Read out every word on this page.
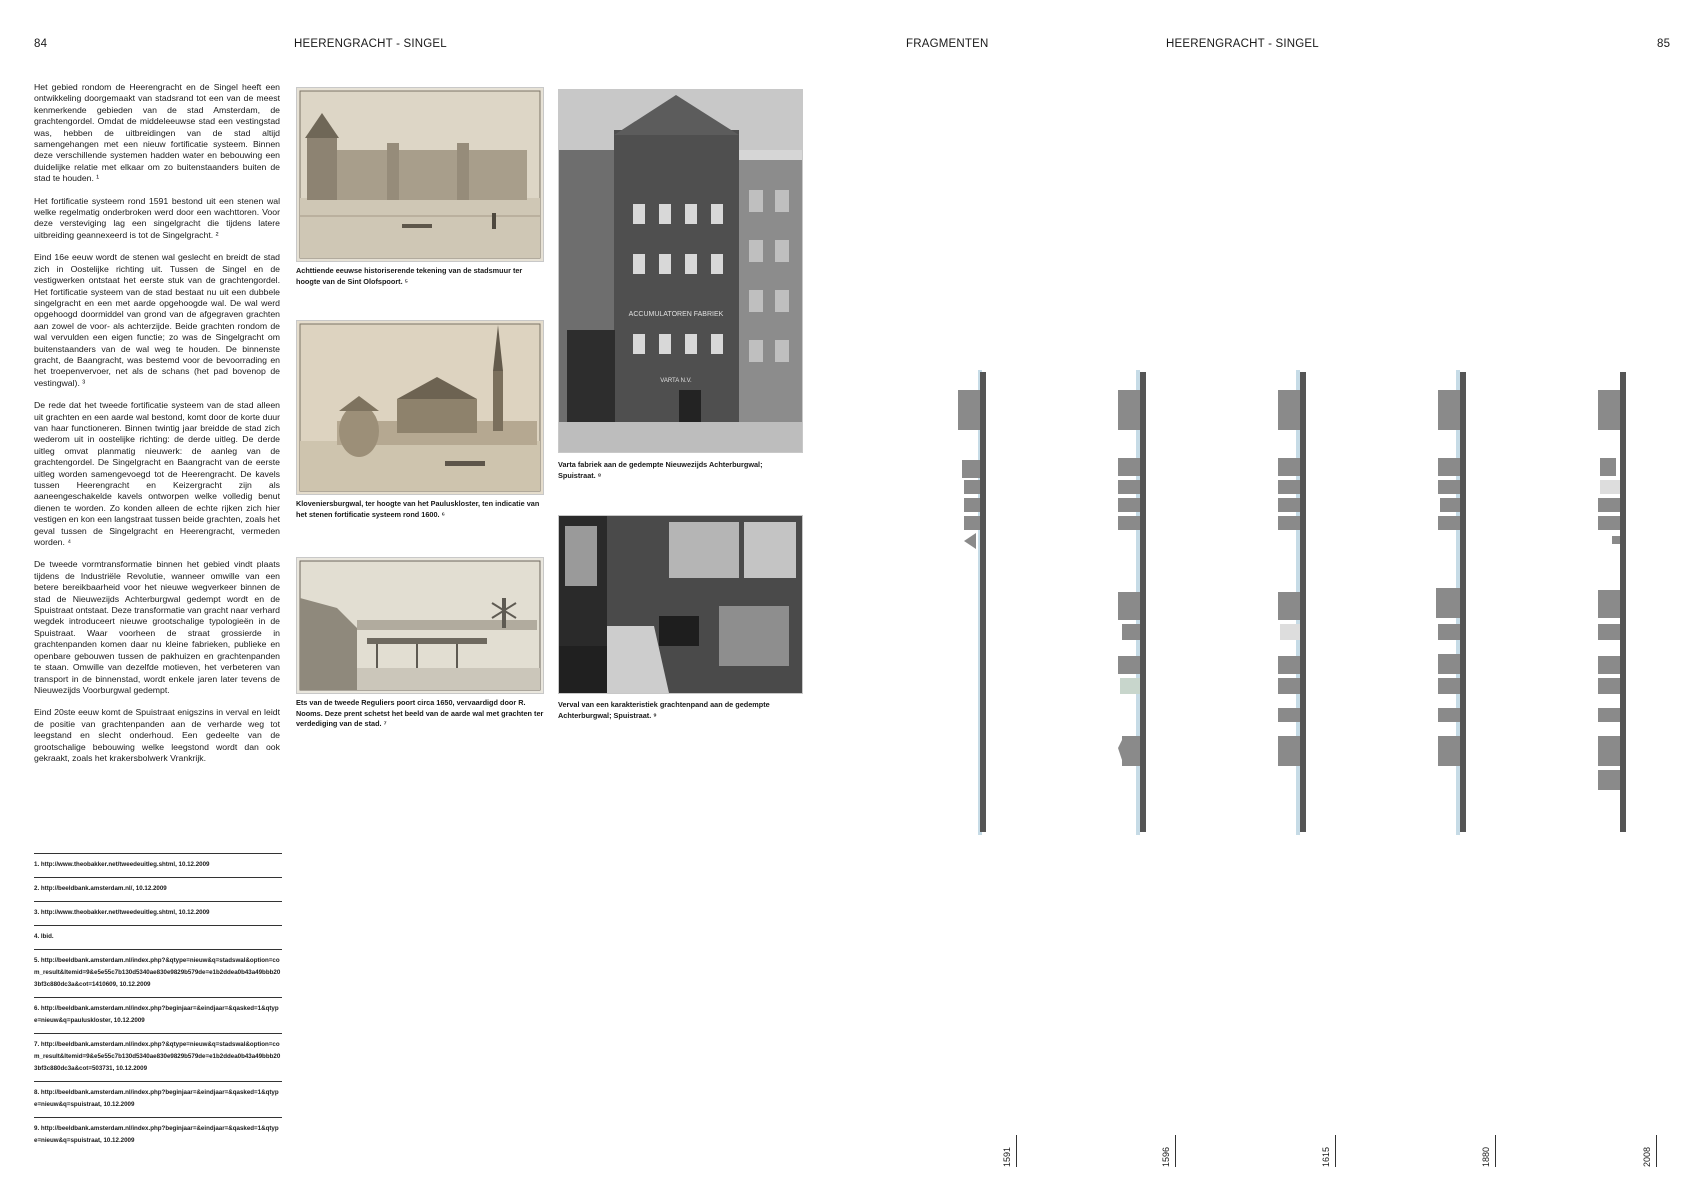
84	HEERENGRACHT - SINGEL	FRAGMENTEN	HEERENGRACHT - SINGEL	85

Het gebied rondom de Heerengracht en de Singel heeft een ontwikkeling doorgemaakt van stadsrand tot een van de meest kenmerkende gebieden van de stad Amsterdam, de grachtengordel. Omdat de middeleeuwse stad een vestingstad was, hebben de uitbreidingen van de stad altijd samengehangen met een nieuw fortificatie systeem. Binnen deze verschillende systemen hadden water en bebouwing een duidelijke relatie met elkaar om zo buitenstaanders buiten de stad te houden. ¹

Het fortificatie systeem rond 1591 bestond uit een stenen wal welke regelmatig onderbroken werd door een wachttoren. Voor deze versteviging lag een singelgracht die tijdens latere uitbreiding geannexeerd is tot de Singelgracht. ²

Eind 16e eeuw wordt de stenen wal geslecht en breidt de stad zich in Oostelijke richting uit. Tussen de Singel en de vestigwerken ontstaat het eerste stuk van de grachtengordel. Het fortificatie systeem van de stad bestaat nu uit een dubbele singelgracht en een met aarde opgehoogde wal. De wal werd opgehoogd doormiddel van grond van de afgegraven grachten aan zowel de voor- als achterzijde. Beide grachten rondom de wal vervulden een eigen functie; zo was de Singelgracht om buitenstaanders van de wal weg te houden. De binnenste gracht, de Baangracht, was bestemd voor de bevoorrading en het troepenvervoer, net als de schans (het pad bovenop de vestingwal). ³

De rede dat het tweede fortificatie systeem van de stad alleen uit grachten en een aarde wal bestond, komt door de korte duur van haar functioneren. Binnen twintig jaar breidde de stad zich wederom uit in oostelijke richting: de derde uitleg. De derde uitleg omvat planmatig nieuwerk: de aanleg van de grachtengordel. De Singelgracht en Baangracht van de eerste uitleg worden samengevoegd tot de Heerengracht. De kavels tussen Heerengracht en Keizergracht zijn als aaneengeschakelde kavels ontworpen welke volledig benut dienen te worden. Zo konden alleen de echte rijken zich hier vestigen en kon een langstraat tussen beide grachten, zoals het geval tussen de Singelgracht en Heerengracht, vermeden worden. ⁴

De tweede vormtransformatie binnen het gebied vindt plaats tijdens de Industriële Revolutie, wanneer omwille van een betere bereikbaarheid voor het nieuwe wegverkeer binnen de stad de Nieuwezijds Achterburgwal gedempt wordt en de Spuistraat ontstaat. Deze transformatie van gracht naar verhard wegdek introduceert nieuwe grootschalige typologieën in de Spuistraat. Waar voorheen de straat grossierde in grachtenpanden komen daar nu kleine fabrieken, publieke en openbare gebouwen tussen de pakhuizen en grachtenpanden te staan. Omwille van dezelfde motieven, het verbeteren van transport in de binnenstad, wordt enkele jaren later tevens de Nieuwezijds Voorburgwal gedempt.

Eind 20ste eeuw komt de Spuistraat enigszins in verval en leidt de positie van grachtenpanden aan de verharde weg tot leegstand en slecht onderhoud. Een gedeelte van de grootschalige bebouwing welke leegstond wordt dan ook gekraakt, zoals het krakersbolwerk Vrankrijk.

1. http://www.theobakker.net/tweedeuitleg.shtml, 10.12.2009
2. http://beeldbank.amsterdam.nl/, 10.12.2009
3. http://www.theobakker.net/tweedeuitleg.shtml, 10.12.2009
4. Ibid.
5. http://beeldbank.amsterdam.nl/index.php?&qtype=nieuw&q=stadswal&option=com_result&Itemid=9&e5e55c7b130d5340ae830e9829b579de=e1b2ddea0b43a49bbb203bf3c880dc3a&cot=1410609, 10.12.2009
6. http://beeldbank.amsterdam.nl/index.php?beginjaar=&eindjaar=&qasked=1&qtype=nieuw&q=pauluskloster, 10.12.2009
7. http://beeldbank.amsterdam.nl/index.php?&qtype=nieuw&q=stadswal&option=com_result&Itemid=9&e5e55c7b130d5340ae830e9829b579de=e1b2ddea0b43a49bbb203bf3c880dc3a&cot=503731, 10.12.2009
8. http://beeldbank.amsterdam.nl/index.php?beginjaar=&eindjaar=&qasked=1&qtype=nieuw&q=spuistraat, 10.12.2009
9. http://beeldbank.amsterdam.nl/index.php?beginjaar=&eindjaar=&qasked=1&qtype=nieuw&q=spuistraat, 10.12.2009
Achttiende eeuwse historiserende tekening van de stadsmuur ter hoogte van de Sint Olofspoort. ⁵
Kloveniersburgwal, ter hoogte van het Pauluskloster, ten indicatie van het stenen fortificatie systeem rond 1600. ⁶
Ets van de tweede Reguliers poort circa 1650, vervaardigd door R. Nooms. Deze prent schetst het beeld van de aarde wal met grachten ter verdediging van de stad. ⁷
ACCUMULATOREN FABRIEK
VARTA N.V.
Varta fabriek aan de gedempte Nieuwezijds Achterburgwal; Spuistraat. ⁸
Verval van een karakteristiek grachtenpand aan de gedempte Achterburgwal; Spuistraat. ⁹
1591	1596	1615	1880	2008
